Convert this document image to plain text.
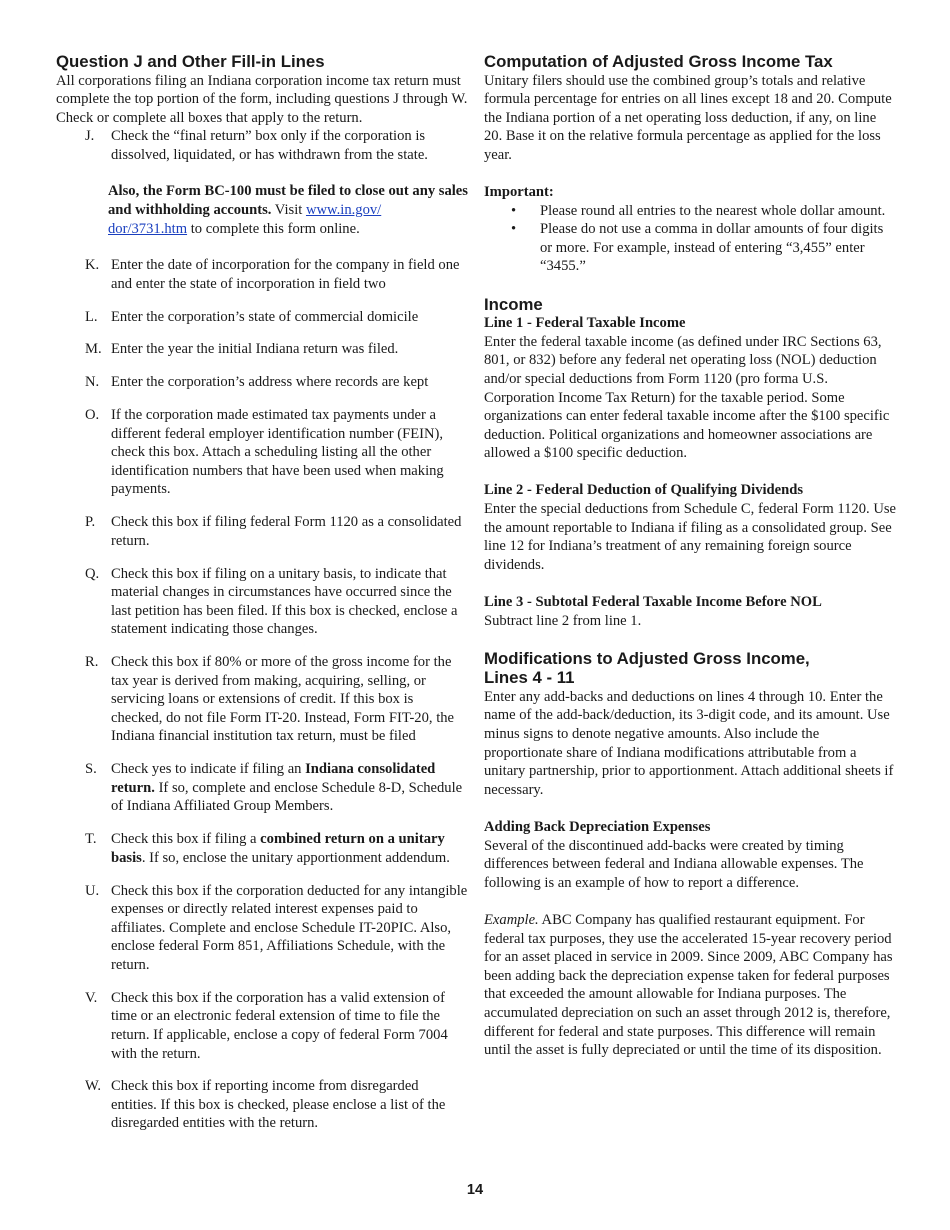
Question J and Other Fill-in Lines

All corporations filing an Indiana corporation income tax return must complete the top portion of the form, including questions J through W. Check or complete all boxes that apply to the return.

J.	Check the “final return” box only if the corporation is dissolved, liquidated, or has withdrawn from the state.

Also, the Form BC-100 must be filed to close out any sales and withholding accounts. Visit www.in.gov/
dor/3731.htm to complete this form online.

K. Enter the date of incorporation for the company in field one and enter the state of incorporation in field two
L. Enter the corporation’s state of commercial domicile
M. Enter the year the initial Indiana return was filed.
N. Enter the corporation’s address where records are kept
O. If the corporation made estimated tax payments under a different federal employer identification number (FEIN), check this box. Attach a scheduling listing all the other identification numbers that have been used when making payments.
P.	Check this box if filing federal Form 1120 as a consolidated return.
Q. Check this box if filing on a unitary basis, to indicate that material changes in circumstances have occurred since the last petition has been filed. If this box is checked, enclose a statement indicating those changes.
R. Check this box if 80% or more of the gross income for the tax year is derived from making, acquiring, selling, or servicing loans or extensions of credit. If this box is checked, do not file Form IT-20. Instead, Form FIT-20, the Indiana financial institution tax return, must be filed
S. Check yes to indicate if filing an Indiana consolidated return. If so, complete and enclose Schedule 8-D, Schedule of Indiana Affiliated Group Members.
T. Check this box if filing a combined return on a unitary basis. If so, enclose the unitary apportionment addendum.
U. Check this box if the corporation deducted for any intangible expenses or directly related interest expenses paid to affiliates. Complete and enclose Schedule IT-20PIC. Also, enclose federal Form 851, Affiliations Schedule, with the return.
V. Check this box if the corporation has a valid extension of time or an electronic federal extension of time to file the return. If applicable, enclose a copy of federal Form 7004 with the return.
W. Check this box if reporting income from disregarded entities. If this box is checked, please enclose a list of the disregarded entities with the return.
Computation of Adjusted Gross Income Tax

Unitary filers should use the combined group’s totals and relative formula percentage for entries on all lines except 18 and 20. Compute the Indiana portion of a net operating loss deduction, if any, on line 20. Base it on the relative formula percentage as applied for the loss year.

Important:
•	Please round all entries to the nearest whole dollar amount.
•	Please do not use a comma in dollar amounts of four digits or more. For example, instead of entering “3,455” enter “3455.”
Income
Line 1 - Federal Taxable Income

Enter the federal taxable income (as defined under IRC Sections 63, 801, or 832) before any federal net operating loss (NOL) deduction and/or special deductions from Form 1120 (pro forma U.S. Corporation Income Tax Return) for the taxable period. Some organizations can enter federal taxable income after the $100 specific deduction. Political organizations and homeowner associations are allowed a $100 specific deduction.

Line 2 - Federal Deduction of Qualifying Dividends

Enter the special deductions from Schedule C, federal Form 1120. Use the amount reportable to Indiana if filing as a consolidated group. See line 12 for Indiana’s treatment of any remaining foreign source dividends.

Line 3 - Subtotal Federal Taxable Income Before NOL

Subtract line 2 from line 1.

Modifications to Adjusted Gross Income,
Lines 4 - 11

Enter any add-backs and deductions on lines 4 through 10. Enter the name of the add-back/deduction, its 3-digit code, and its amount. Use minus signs to denote negative amounts. Also include the proportionate share of Indiana modifications attributable from a unitary partnership, prior to apportionment. Attach additional sheets if necessary.

Adding Back Depreciation Expenses

Several of the discontinued add-backs were created by timing differences between federal and Indiana allowable expenses. The following is an example of how to report a difference.

Example. ABC Company has qualified restaurant equipment. For federal tax purposes, they use the accelerated 15-year recovery period for an asset placed in service in 2009. Since 2009, ABC Company has been adding back the depreciation expense taken for federal purposes that exceeded the amount allowable for Indiana purposes. The accumulated depreciation on such an asset through 2012 is, therefore, different for federal and state purposes. This difference will remain until the asset is fully depreciated or until the time of its disposition.

14
